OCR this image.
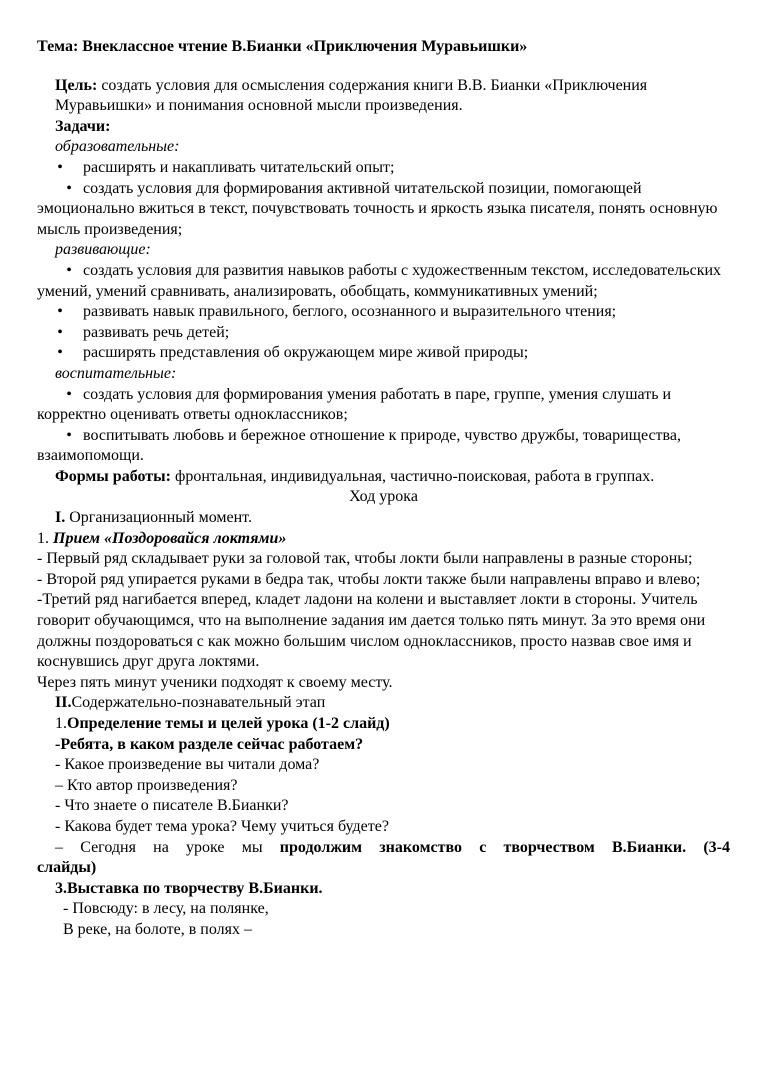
Тема: Внеклассное чтение В.Бианки «Приключения Муравьишки»

Цель: создать условия для осмысления содержания книги В.В. Бианки «Приключения Муравьишки» и понимания основной мысли произведения.

Задачи:

образовательные:

•	расширять и накапливать читательский опыт;

• создать условия для формирования активной читательской позиции, помогающей эмоционально вжиться в текст, почувствовать точность и яркость языка писателя, понять основную мысль произведения;

развивающие:

• создать условия для развития навыков работы с художественным текстом, исследовательских умений, умений сравнивать, анализировать, обобщать, коммуникативных умений;

•	развивать навык правильного, беглого, осознанного и выразительного чтения;

•	развивать речь детей;

•	расширять представления об окружающем мире живой природы;

воспитательные:

• создать условия для формирования умения работать в паре, группе, умения слушать и корректно оценивать ответы одноклассников;

• воспитывать любовь и бережное отношение к природе, чувство дружбы, товарищества, взаимопомощи.

Формы работы: фронтальная, индивидуальная, частично-поисковая, работа в группах.

Ход урока

I. Организационный момент.

1. Прием «Поздоровайся локтями»

- Первый ряд складывает руки за головой так, чтобы локти были направлены в разные стороны;

- Второй ряд упирается руками в бедра так, чтобы локти также были направлены вправо и влево;

-Третий ряд нагибается вперед, кладет ладони на колени и выставляет локти в стороны. Учитель говорит обучающимся, что на выполнение задания им дается только пять минут. За это время они должны поздороваться с как можно большим числом одноклассников, просто назвав свое имя и коснувшись друг друга локтями.

Через пять минут ученики подходят к своему месту.

II.Содержательно-познавательный этап

1.Определение темы и целей урока (1-2 слайд)

-Ребята, в каком разделе сейчас работаем?

- Какое произведение вы читали дома?

– Кто автор произведения?

- Что знаете о писателе В.Бианки?

- Какова будет тема урока? Чему учиться будете?

– Сегодня на уроке мы продолжим знакомство с творчеством В.Бианки. (3-4

слайды)

3.Выставка по творчеству В.Бианки.

- Повсюду: в лесу, на полянке,

В реке, на болоте, в полях –
